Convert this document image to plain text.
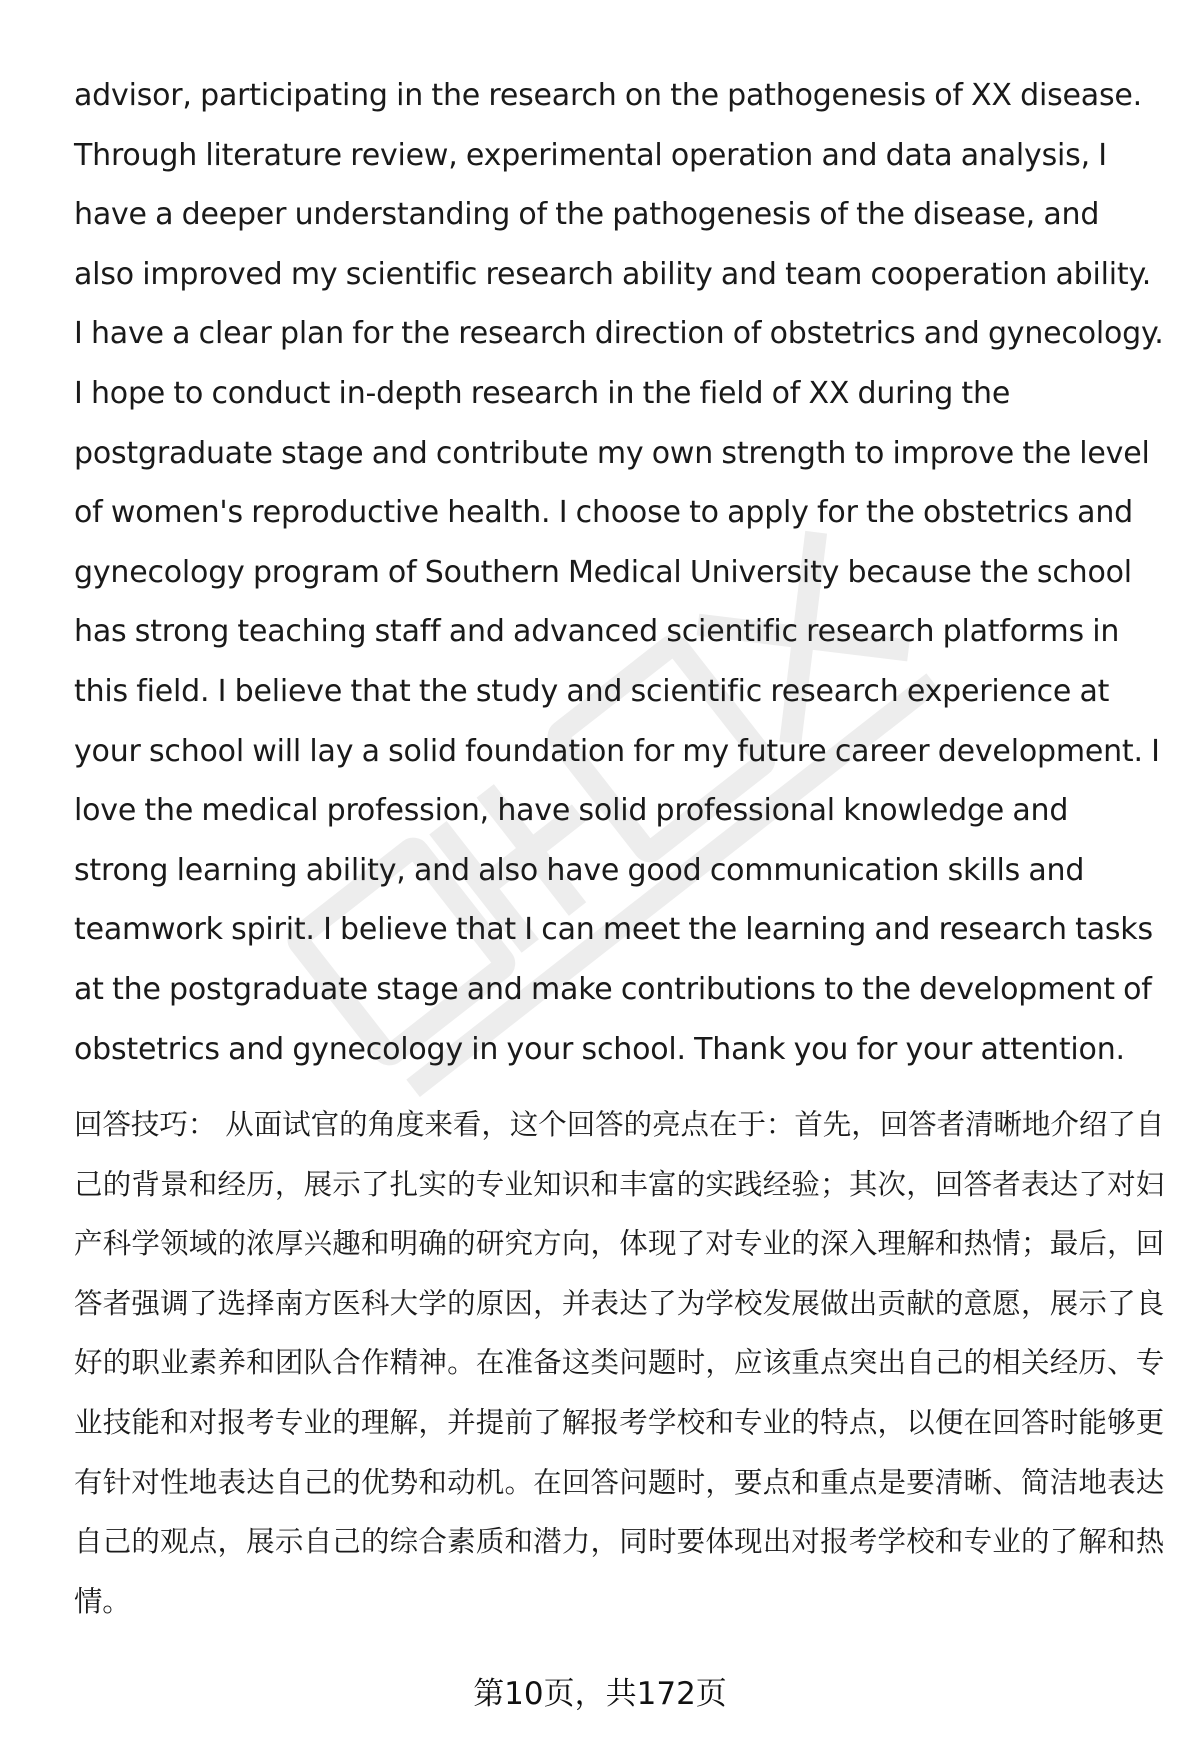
advisor, participating in the research on the pathogenesis of XX disease. Through literature review, experimental operation and data analysis, I have a deeper understanding of the pathogenesis of the disease, and also improved my scientific research ability and team cooperation ability. I have a clear plan for the research direction of obstetrics and gynecology. I hope to conduct in-depth research in the field of XX during the postgraduate stage and contribute my own strength to improve the level of women's reproductive health. I choose to apply for the obstetrics and gynecology program of Southern Medical University because the school has strong teaching staff and advanced scientific research platforms in this field. I believe that the study and scientific research experience at your school will lay a solid foundation for my future career development. I love the medical profession, have solid professional knowledge and strong learning ability, and also have good communication skills and teamwork spirit. I believe that I can meet the learning and research tasks at the postgraduate stage and make contributions to the development of obstetrics and gynecology in your school. Thank you for your attention.

回答技巧： 从面试官的角度来看，这个回答的亮点在于：首先，回答者清晰地介绍了自己的背景和经历，展示了扎实的专业知识和丰富的实践经验；其次，回答者表达了对妇产科学领域的浓厚兴趣和明确的研究方向，体现了对专业的深入理解和热情；最后，回答者强调了选择南方医科大学的原因，并表达了为学校发展做出贡献的意愿，展示了良好的职业素养和团队合作精神。在准备这类问题时，应该重点突出自己的相关经历、专业技能和对报考专业的理解，并提前了解报考学校和专业的特点，以便在回答时能够更有针对性地表达自己的优势和动机。在回答问题时，要点和重点是要清晰、简洁地表达自己的观点，展示自己的综合素质和潜力，同时要体现出对报考学校和专业的了解和热情。

第10页，共172页
